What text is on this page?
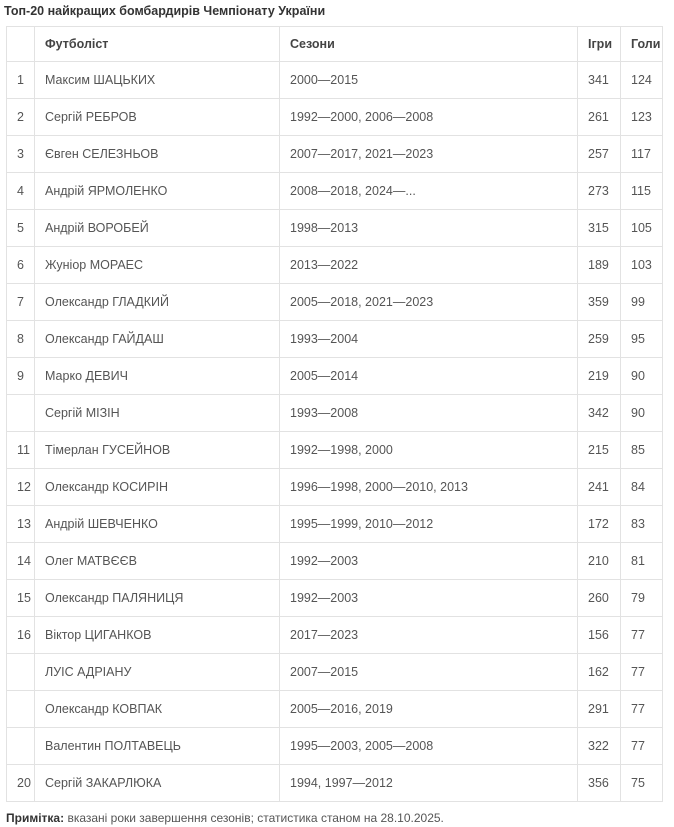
Топ-20 найкращих бомбардирів Чемпіонату України
	Футболіст	Сезони	Ігри	Голи
1	Максим ШАЦЬКИХ	2000—2015	341	124
2	Сергій РЕБРОВ	1992—2000, 2006—2008	261	123
3	Євген СЕЛЕЗНЬОВ	2007—2017, 2021—2023	257	117
4	Андрій ЯРМОЛЕНКО	2008—2018, 2024—...	273	115
5	Андрій ВОРОБЕЙ	1998—2013	315	105
6	Жуніор МОРАЕС	2013—2022	189	103
7	Олександр ГЛАДКИЙ	2005—2018, 2021—2023	359	99
8	Олександр ГАЙДАШ	1993—2004	259	95
9	Марко ДЕВИЧ	2005—2014	219	90
	Сергій МІЗІН	1993—2008	342	90
11	Тімерлан ГУСЕЙНОВ	1992—1998, 2000	215	85
12	Олександр КОСИРІН	1996—1998, 2000—2010, 2013	241	84
13	Андрій ШЕВЧЕНКО	1995—1999, 2010—2012	172	83
14	Олег МАТВЄЄВ	1992—2003	210	81
15	Олександр ПАЛЯНИЦЯ	1992—2003	260	79
16	Віктор ЦИГАНКОВ	2017—2023	156	77
	ЛУІС АДРІАНУ	2007—2015	162	77
	Олександр КОВПАК	2005—2016, 2019	291	77
	Валентин ПОЛТАВЕЦЬ	1995—2003, 2005—2008	322	77
20	Сергій ЗАКАРЛЮКА	1994, 1997—2012	356	75
Примітка: вказані роки завершення сезонів; статистика станом на 28.10.2025.
